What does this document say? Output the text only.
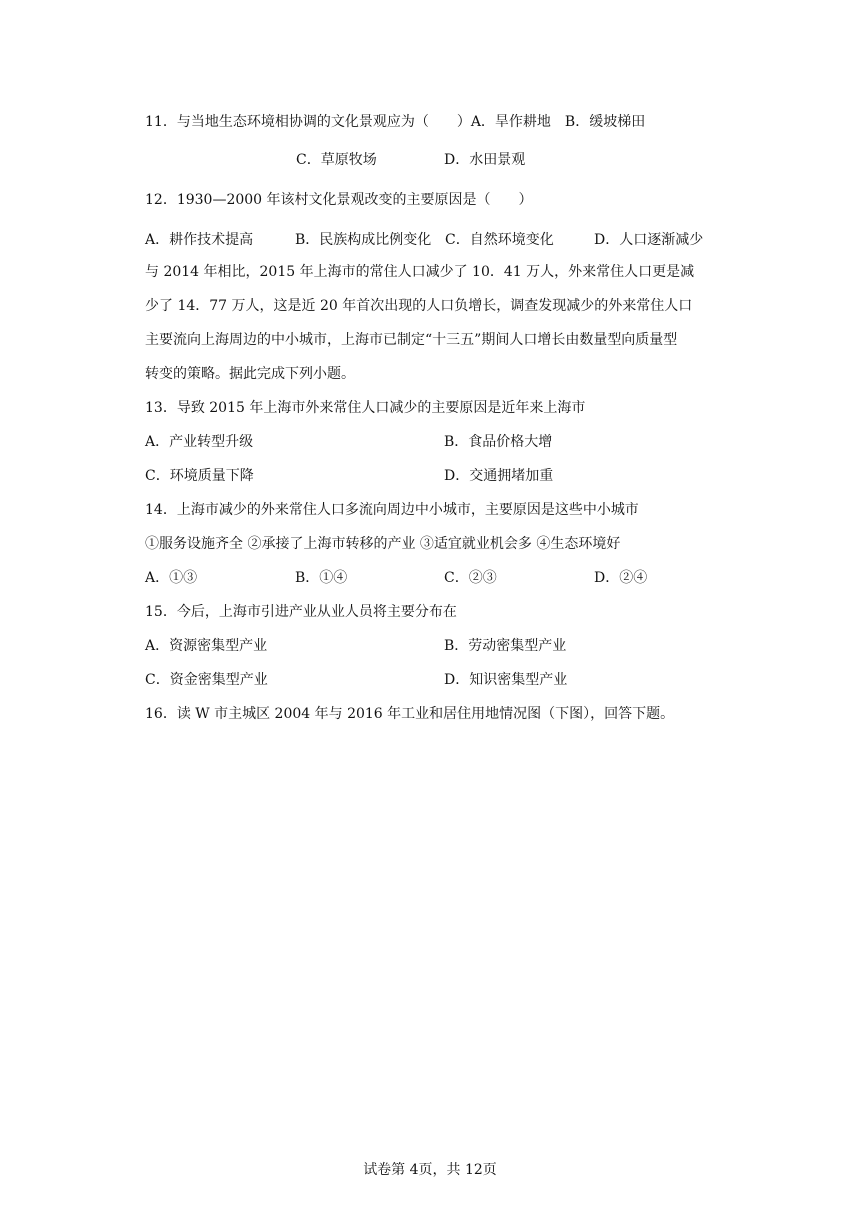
11．与当地生态环境相协调的文化景观应为（　　）A．旱作耕地　B．缓坡梯田
C．草原牧场	D．水田景观
12．1930—2000 年该村文化景观改变的主要原因是（　　）
A．耕作技术提高	B．民族构成比例变化 C．自然环境变化	D．人口逐渐减少
与 2014 年相比，2015 年上海市的常住人口减少了 10．41 万人，外来常住人口更是减
少了 14．77 万人，这是近 20 年首次出现的人口负增长，调查发现减少的外来常住人口
主要流向上海周边的中小城市，上海市已制定“十三五”期间人口增长由数量型向质量型
转变的策略。据此完成下列小题。
13．导致 2015 年上海市外来常住人口减少的主要原因是近年来上海市
A．产业转型升级	B．食品价格大增
C．环境质量下降	D．交通拥堵加重
14．上海市减少的外来常住人口多流向周边中小城市，主要原因是这些中小城市
①服务设施齐全 ②承接了上海市转移的产业 ③适宜就业机会多 ④生态环境好
A．①③	B．①④	C．②③	D．②④
15．今后，上海市引进产业从业人员将主要分布在
A．资源密集型产业	B．劳动密集型产业
C．资金密集型产业	D．知识密集型产业
16．读 W 市主城区 2004 年与 2016 年工业和居住用地情况图（下图），回答下题。
试卷第 4页，共 12页
